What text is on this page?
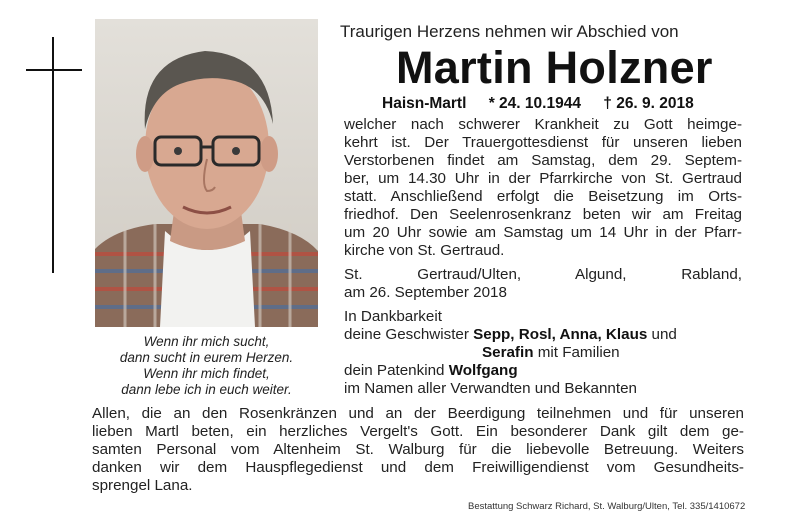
Wenn ihr mich sucht,
dann sucht in eurem Herzen.
Wenn ihr mich findet,
dann lebe ich in euch weiter.
Traurigen Herzens nehmen wir Abschied von
Martin Holzner
Haisn-Martl * 24. 10.1944 † 26. 9. 2018
welcher nach schwerer Krankheit zu Gott heimge-
kehrt ist. Der Trauergottesdienst für unseren lieben
Verstorbenen findet am Samstag, dem 29. Septem-
ber, um 14.30 Uhr in der Pfarrkirche von St. Gertraud
statt. Anschließend erfolgt die Beisetzung im Orts-
friedhof. Den Seelenrosenkranz beten wir am Freitag
um 20 Uhr sowie am Samstag um 14 Uhr in der Pfarr-
kirche von St. Gertraud.
St. Gertraud/Ulten, Algund, Rabland,
am 26. September 2018
In Dankbarkeit
deine Geschwister Sepp, Rosl, Anna, Klaus und
Serafin mit Familien
dein Patenkind Wolfgang
im Namen aller Verwandten und Bekannten
Allen, die an den Rosenkränzen und an der Beerdigung teilnehmen und für unseren
lieben Martl beten, ein herzliches Vergelt's Gott. Ein besonderer Dank gilt dem ge-
samten Personal vom Altenheim St. Walburg für die liebevolle Betreuung. Weiters
danken wir dem Hauspflegedienst und dem Freiwilligendienst vom Gesundheits-
sprengel Lana.
Bestattung Schwarz Richard, St. Walburg/Ulten, Tel. 335/1410672
